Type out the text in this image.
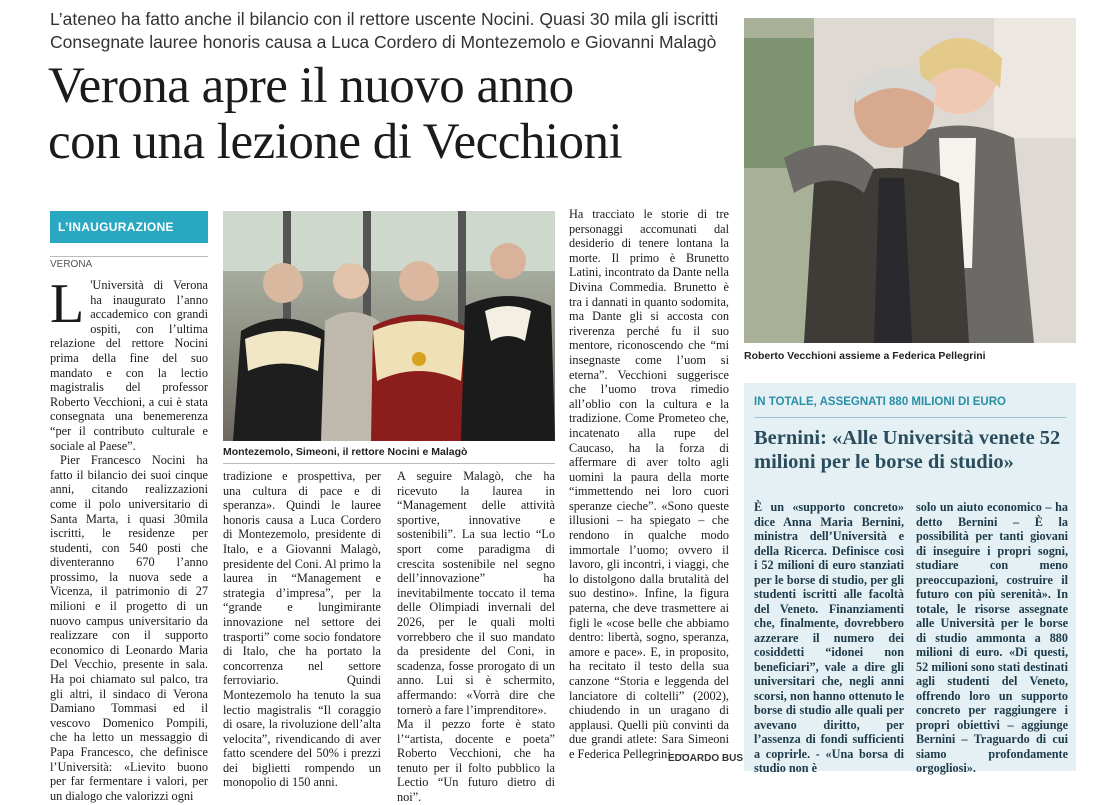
L’ateneo ha fatto anche il bilancio con il rettore uscente Nocini. Quasi 30 mila gli iscritti
Consegnate lauree honoris causa a Luca Cordero di Montezemolo e Giovanni Malagò
Verona apre il nuovo anno
con una lezione di Vecchioni
L’INAUGURAZIONE
VERONA
L 'Università di Verona ha inaugurato l’anno accademico con grandi ospiti, con l’ultima relazione del rettore Nocini prima della fine del suo mandato e con la lectio magistralis del professor Roberto Vecchioni, a cui è stata consegnata una benemerenza “per il contributo culturale e sociale al Paese”.

Pier Francesco Nocini ha fatto il bilancio dei suoi cinque anni, citando realizzazioni come il polo universitario di Santa Marta, i quasi 30mila iscritti, le residenze per studenti, con 540 posti che diventeranno 670 l’anno prossimo, la nuova sede a Vicenza, il patrimonio di 27 milioni e il progetto di un nuovo campus universitario da realizzare con il supporto economico di Leonardo Maria Del Vecchio, presente in sala. Ha poi chiamato sul palco, tra gli altri, il sindaco di Verona Damiano Tommasi ed il vescovo Domenico Pompili, che ha letto un messaggio di Papa Francesco, che definisce l’Università: «Lievito buono per far fermentare i valori, per un dialogo che valorizzi ogni

Montezemolo, Simeoni, il rettore Nocini e Malagò

tradizione e prospettiva, per una cultura di pace e di speranza». Quindi le lauree honoris causa a Luca Cordero di Montezemolo, presidente di Italo, e a Giovanni Malagò, presidente del Coni. Al primo la laurea in “Management e strategia d’impresa”, per la “grande e lungimirante innovazione nel settore dei trasporti” come socio fondatore di Italo, che ha portato la concorrenza nel settore ferroviario. Quindi Montezemolo ha tenuto la sua lectio magistralis “Il coraggio di osare, la rivoluzione dell’alta velocita”, rivendicando di aver fatto scendere del 50% i prezzi dei biglietti rompendo un monopolio di 150 anni.

A seguire Malagò, che ha ricevuto la laurea in “Management delle attività sportive, innovative e sostenibili”. La sua lectio “Lo sport come paradigma di crescita sostenibile nel segno dell’innovazione” ha inevitabilmente toccato il tema delle Olimpiadi invernali del 2026, per le quali molti vorrebbero che il suo mandato da presidente del Coni, in scadenza, fosse prorogato di un anno. Lui si è schermito, affermando: «Vorrà dire che tornerò a fare l’imprenditore».
Ma il pezzo forte è stato l’“artista, docente e poeta” Roberto Vecchioni, che ha tenuto per il folto pubblico la Lectio “Un futuro dietro di noi”.

Ha tracciato le storie di tre personaggi accomunati dal desiderio di tenere lontana la morte. Il primo è Brunetto Latini, incontrato da Dante nella Divina Commedia. Brunetto è tra i dannati in quanto sodomita, ma Dante gli si accosta con riverenza perché fu il suo mentore, riconoscendo che “mi insegnaste come l’uom si eterna”. Vecchioni suggerisce che l’uomo trova rimedio all’oblio con la cultura e la tradizione. Come Prometeo che, incatenato alla rupe del Caucaso, ha la forza di affermare di aver tolto agli uomini la paura della morte “immettendo nei loro cuori speranze cieche”. «Sono queste illusioni – ha spiegato – che rendono in qualche modo immortale l’uomo; ovvero il lavoro, gli incontri, i viaggi, che lo distolgono dalla brutalità del suo destino». Infine, la figura paterna, che deve trasmettere ai figli le «cose belle che abbiamo dentro: libertà, sogno, speranza, amore e pace». E, in proposito, ha recitato il testo della sua canzone “Storia e leggenda del lanciatore di coltelli” (2002), chiudendo in un uragano di applausi. Quelli più convinti da due grandi atlete: Sara Simeoni e Federica Pellegrini. —

EDOARDO BUS
Roberto Vecchioni assieme a Federica Pellegrini
IN TOTALE, ASSEGNATI 880 MILIONI DI EURO
Bernini: «Alle Università venete 52 milioni per le borse di studio»
È un «supporto concreto» dice Anna Maria Bernini, ministra dell’Università e della Ricerca. Definisce così i 52 milioni di euro stanziati per le borse di studio, per gli studenti iscritti alle facoltà del Veneto. Finanziamenti che, finalmente, dovrebbero azzerare il numero dei cosiddetti “idonei non beneficiari”, vale a dire gli universitari che, negli anni scorsi, non hanno ottenuto le borse di studio alle quali per avevano diritto, per l’assenza di fondi sufficienti a coprirle. - «Una borsa di studio non è
solo un aiuto economico – ha detto Bernini – È la possibilità per tanti giovani di inseguire i propri sogni, studiare con meno preoccupazioni, costruire il futuro con più serenità». In totale, le risorse assegnate alle Università per le borse di studio ammonta a 880 milioni di euro. «Di questi, 52 milioni sono stati destinati agli studenti del Veneto, offrendo loro un supporto concreto per raggiungere i propri obiettivi – aggiunge Bernini – Traguardo di cui siamo profondamente orgogliosi».
